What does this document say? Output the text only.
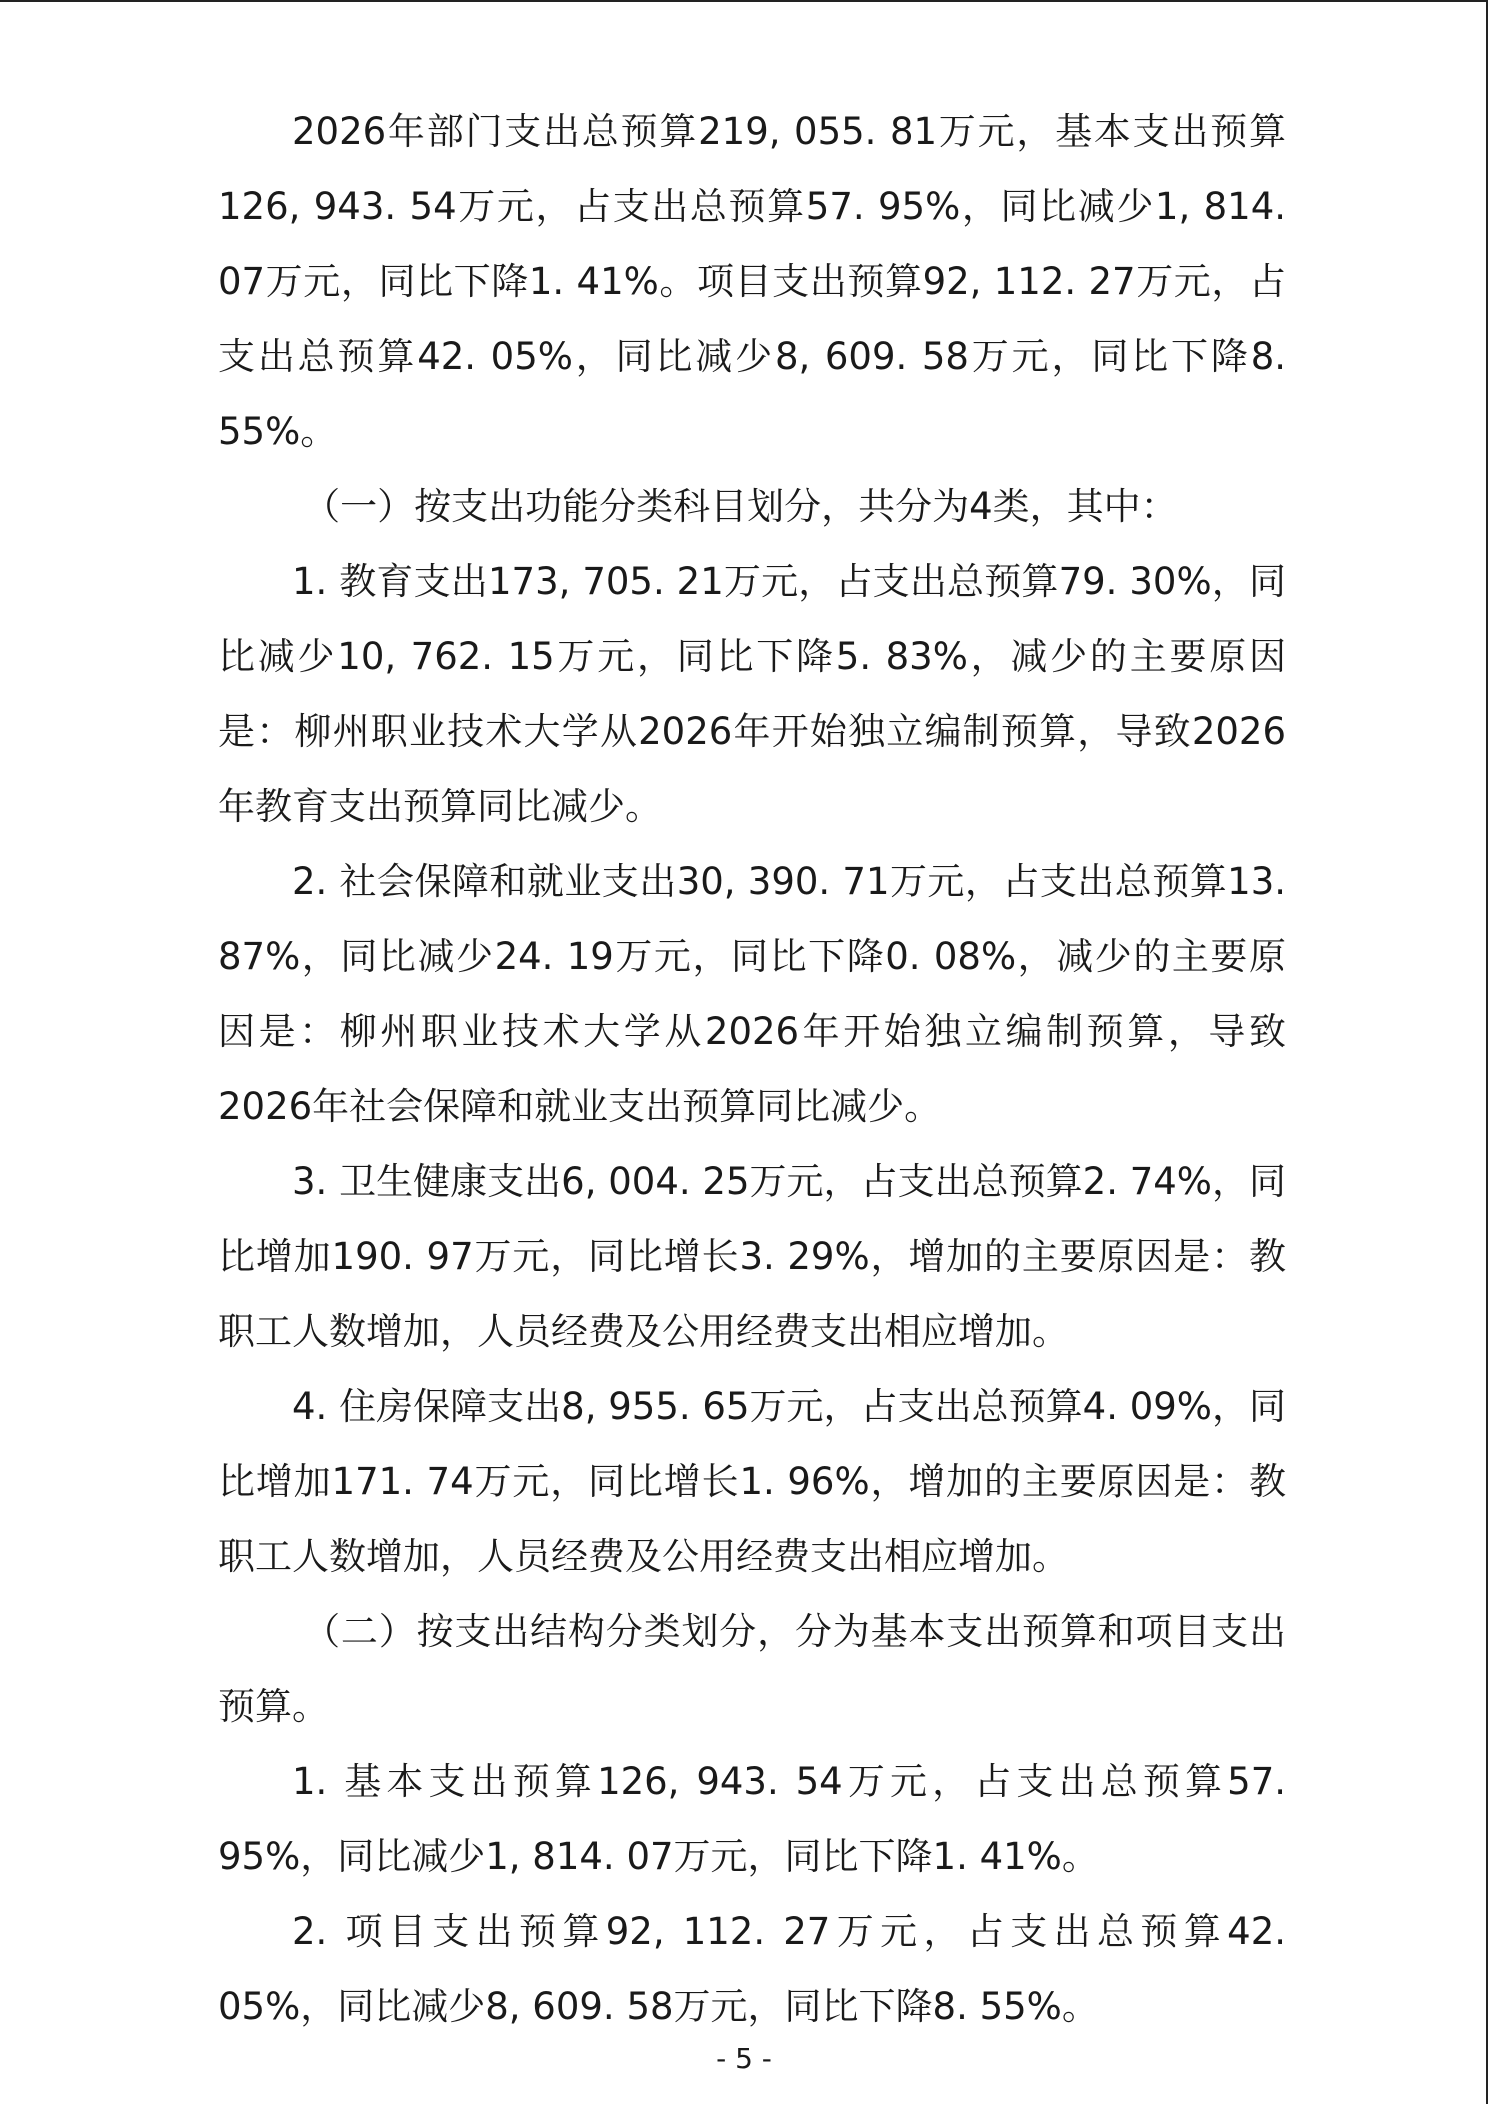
2026年部门支出总预算219, 055. 81万元，基本支出预算126, 943. 54万元，占支出总预算57. 95%，同比减少1, 814. 07万元，同比下降1. 41%。项目支出预算92, 112. 27万元，占支出总预算42. 05%，同比减少8, 609. 58万元，同比下降8. 55%。

（一）按支出功能分类科目划分，共分为4类，其中：

1. 教育支出173, 705. 21万元，占支出总预算79. 30%，同比减少10, 762. 15万元，同比下降5. 83%，减少的主要原因是：柳州职业技术大学从2026年开始独立编制预算，导致2026年教育支出预算同比减少。

2. 社会保障和就业支出30, 390. 71万元，占支出总预算13. 87%，同比减少24. 19万元，同比下降0. 08%，减少的主要原因是：柳州职业技术大学从2026年开始独立编制预算，导致2026年社会保障和就业支出预算同比减少。

3. 卫生健康支出6, 004. 25万元，占支出总预算2. 74%，同比增加190. 97万元，同比增长3. 29%，增加的主要原因是：教职工人数增加，人员经费及公用经费支出相应增加。

4. 住房保障支出8, 955. 65万元，占支出总预算4. 09%，同比增加171. 74万元，同比增长1. 96%，增加的主要原因是：教职工人数增加，人员经费及公用经费支出相应增加。

（二）按支出结构分类划分，分为基本支出预算和项目支出预算。

1. 基本支出预算126, 943. 54万元，占支出总预算57. 95%，同比减少1, 814. 07万元，同比下降1. 41%。

2. 项目支出预算92, 112. 27万元，占支出总预算42. 05%，同比减少8, 609. 58万元，同比下降8. 55%。

- 5 -
